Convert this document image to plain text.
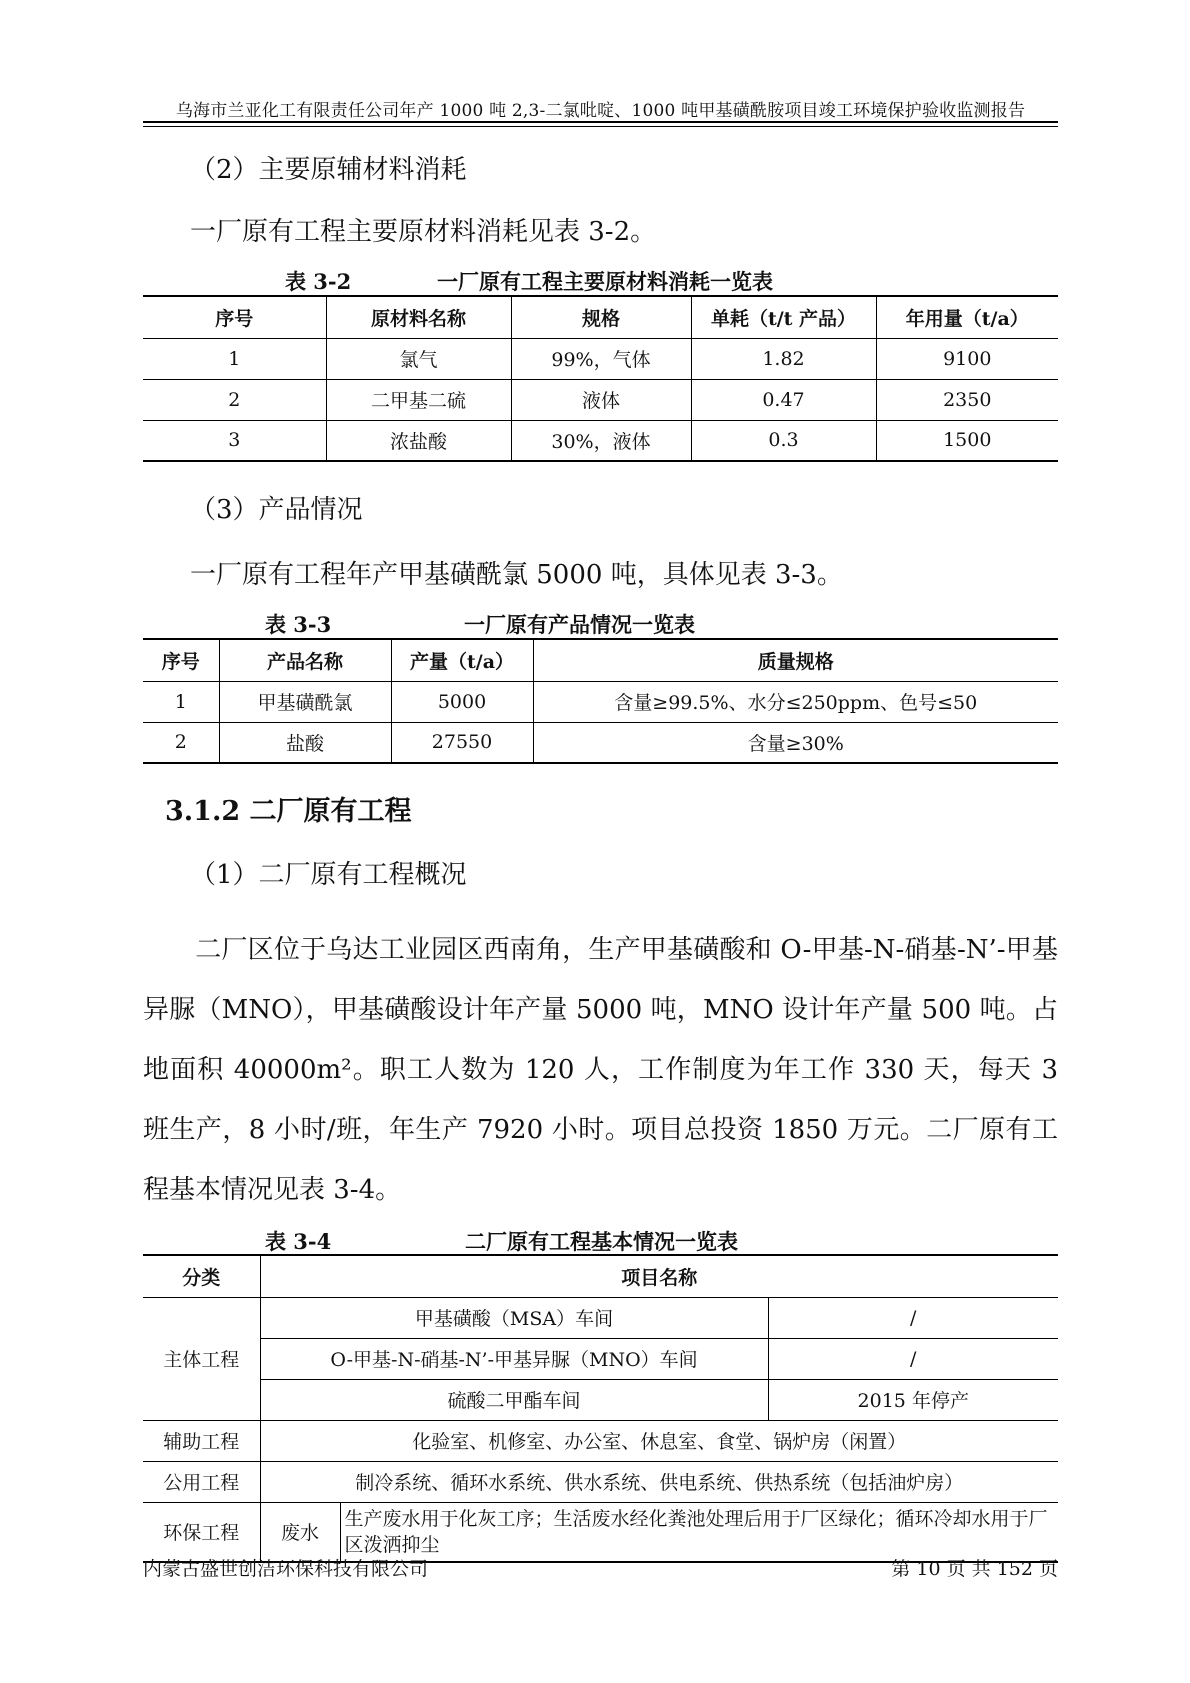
乌海市兰亚化工有限责任公司年产 1000 吨 2,3-二氯吡啶、1000 吨甲基磺酰胺项目竣工环境保护验收监测报告
（2）主要原辅材料消耗
一厂原有工程主要原材料消耗见表 3-2。
表 3-2	一厂原有工程主要原材料消耗一览表
序号	原材料名称	规格	单耗（t/t 产品）	年用量（t/a）
1	氯气	99%，气体	1.82	9100
2	二甲基二硫	液体	0.47	2350
3	浓盐酸	30%，液体	0.3	1500
（3）产品情况
一厂原有工程年产甲基磺酰氯 5000 吨，具体见表 3-3。
表 3-3	一厂原有产品情况一览表
序号	产品名称	产量（t/a）	质量规格
1	甲基磺酰氯	5000	含量≥99.5%、水分≤250ppm、色号≤50
2	盐酸	27550	含量≥30%
3.1.2 二厂原有工程
（1）二厂原有工程概况
二厂区位于乌达工业园区西南角，生产甲基磺酸和 O-甲基-N-硝基-N’-甲基异脲（MNO），甲基磺酸设计年产量 5000 吨，MNO 设计年产量 500 吨。占地面积 40000m²。职工人数为 120 人，工作制度为年工作 330 天，每天 3 班生产，8 小时/班，年生产 7920 小时。项目总投资 1850 万元。二厂原有工程基本情况见表 3-4。
表 3-4	二厂原有工程基本情况一览表
分类	项目名称		
主体工程	甲基磺酸（MSA）车间		/
	O-甲基-N-硝基-N’-甲基异脲（MNO）车间		/
	硫酸二甲酯车间		2015 年停产
辅助工程	化验室、机修室、办公室、休息室、食堂、锅炉房（闲置）		
公用工程	制冷系统、循环水系统、供水系统、供电系统、供热系统（包括油炉房）		
环保工程	废水	生产废水用于化灰工序；生活废水经化粪池处理后用于厂区绿化；循环冷却水用于厂区泼洒抑尘	
内蒙古盛世创洁环保科技有限公司	第 10 页 共 152 页
